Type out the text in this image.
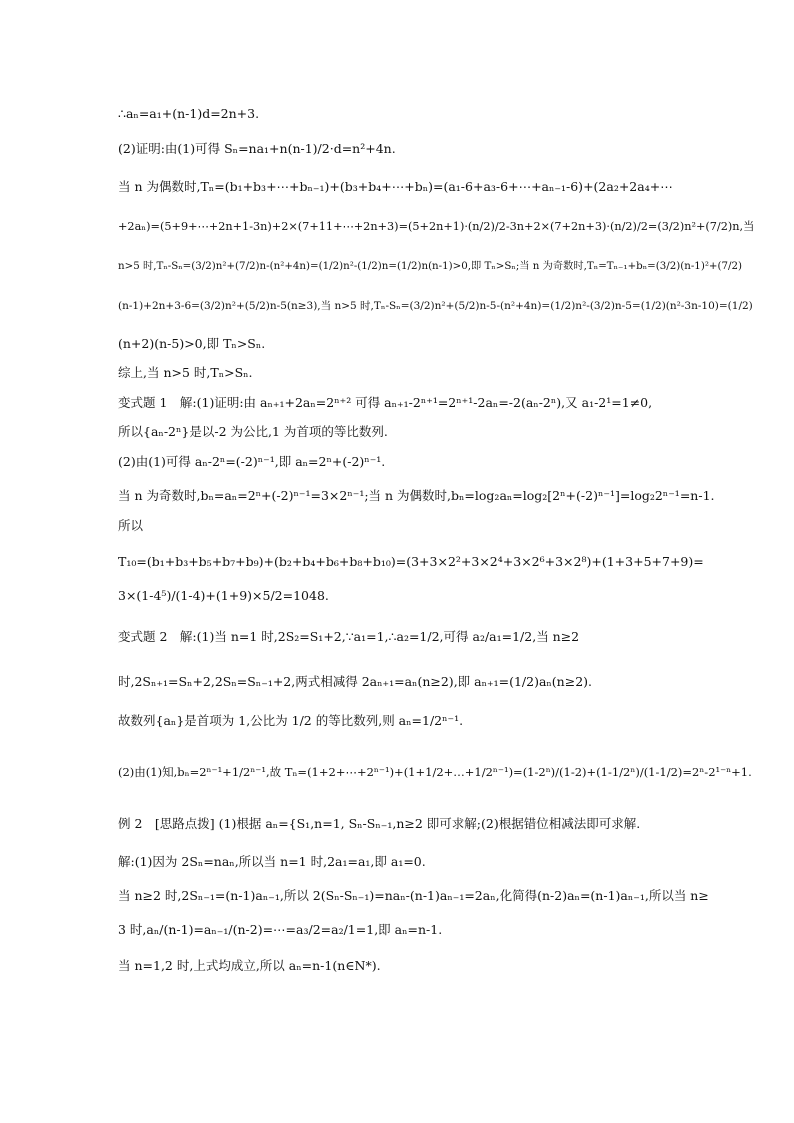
∴aₙ=a₁+(n-1)d=2n+3.
(2)证明:由(1)可得 Sₙ=na₁+n(n-1)/2·d=n²+4n.
当 n 为偶数时,Tₙ=(b₁+b₃+⋯+bₙ₋₁)+(b₃+b₄+⋯+bₙ)=(a₁-6+a₃-6+⋯+aₙ₋₁-6)+(2a₂+2a₄+⋯
+2aₙ)=(5+9+⋯+2n+1-3n)+2×(7+11+⋯+2n+3)=(5+2n+1)·(n/2)/2-3n+2×(7+2n+3)·(n/2)/2=(3/2)n²+(7/2)n,当
n>5 时,Tₙ-Sₙ=(3/2)n²+(7/2)n-(n²+4n)=(1/2)n²-(1/2)n=(1/2)n(n-1)>0,即 Tₙ>Sₙ;当 n 为奇数时,Tₙ=Tₙ₋₁+bₙ=(3/2)(n-1)²+(7/2)
(n-1)+2n+3-6=(3/2)n²+(5/2)n-5(n≥3),当 n>5 时,Tₙ-Sₙ=(3/2)n²+(5/2)n-5-(n²+4n)=(1/2)n²-(3/2)n-5=(1/2)(n²-3n-10)=(1/2)
(n+2)(n-5)>0,即 Tₙ>Sₙ.
综上,当 n>5 时,Tₙ>Sₙ.
变式题 1　解:(1)证明:由 aₙ₊₁+2aₙ=2ⁿ⁺² 可得 aₙ₊₁-2ⁿ⁺¹=2ⁿ⁺¹-2aₙ=-2(aₙ-2ⁿ),又 a₁-2¹=1≠0,
所以{aₙ-2ⁿ}是以-2 为公比,1 为首项的等比数列.
(2)由(1)可得 aₙ-2ⁿ=(-2)ⁿ⁻¹,即 aₙ=2ⁿ+(-2)ⁿ⁻¹.
当 n 为奇数时,bₙ=aₙ=2ⁿ+(-2)ⁿ⁻¹=3×2ⁿ⁻¹;当 n 为偶数时,bₙ=log₂aₙ=log₂[2ⁿ+(-2)ⁿ⁻¹]=log₂2ⁿ⁻¹=n-1.
所以
T₁₀=(b₁+b₃+b₅+b₇+b₉)+(b₂+b₄+b₆+b₈+b₁₀)=(3+3×2²+3×2⁴+3×2⁶+3×2⁸)+(1+3+5+7+9)=
3×(1-4⁵)/(1-4)+(1+9)×5/2=1048.
变式题 2　解:(1)当 n=1 时,2S₂=S₁+2,∵a₁=1,∴a₂=1/2,可得 a₂/a₁=1/2,当 n≥2
时,2Sₙ₊₁=Sₙ+2,2Sₙ=Sₙ₋₁+2,两式相减得 2aₙ₊₁=aₙ(n≥2),即 aₙ₊₁=(1/2)aₙ(n≥2).
故数列{aₙ}是首项为 1,公比为 1/2 的等比数列,则 aₙ=1/2ⁿ⁻¹.
(2)由(1)知,bₙ=2ⁿ⁻¹+1/2ⁿ⁻¹,故 Tₙ=(1+2+⋯+2ⁿ⁻¹)+(1+1/2+…+1/2ⁿ⁻¹)=(1-2ⁿ)/(1-2)+(1-1/2ⁿ)/(1-1/2)=2ⁿ-2¹⁻ⁿ+1.
例 2　[思路点拨] (1)根据 aₙ={S₁,n=1, Sₙ-Sₙ₋₁,n≥2 即可求解;(2)根据错位相减法即可求解.
解:(1)因为 2Sₙ=naₙ,所以当 n=1 时,2a₁=a₁,即 a₁=0.
当 n≥2 时,2Sₙ₋₁=(n-1)aₙ₋₁,所以 2(Sₙ-Sₙ₋₁)=naₙ-(n-1)aₙ₋₁=2aₙ,化简得(n-2)aₙ=(n-1)aₙ₋₁,所以当 n≥
3 时,aₙ/(n-1)=aₙ₋₁/(n-2)=⋯=a₃/2=a₂/1=1,即 aₙ=n-1.
当 n=1,2 时,上式均成立,所以 aₙ=n-1(n∈N*).
